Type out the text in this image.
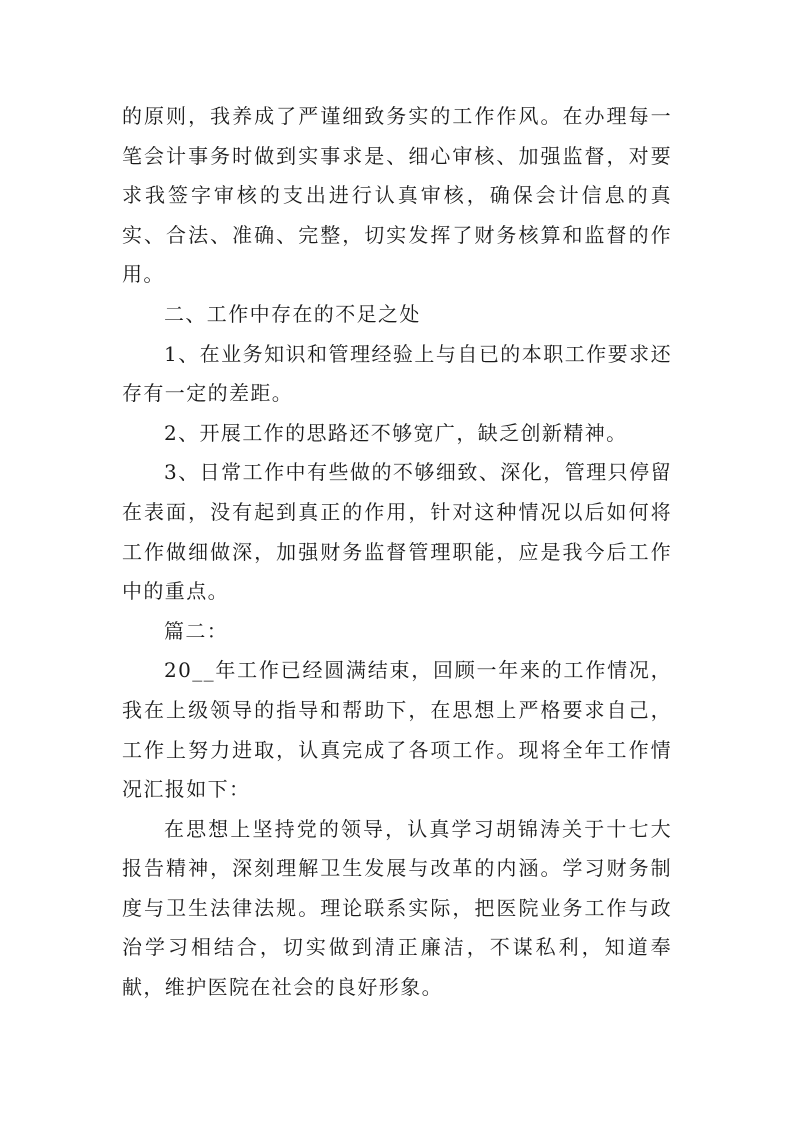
的原则，我养成了严谨细致务实的工作作风。在办理每一笔会计事务时做到实事求是、细心审核、加强监督，对要求我签字审核的支出进行认真审核，确保会计信息的真实、合法、准确、完整，切实发挥了财务核算和监督的作用。

二、工作中存在的不足之处

1、在业务知识和管理经验上与自已的本职工作要求还存有一定的差距。

2、开展工作的思路还不够宽广，缺乏创新精神。

3、日常工作中有些做的不够细致、深化，管理只停留在表面，没有起到真正的作用，针对这种情况以后如何将工作做细做深，加强财务监督管理职能，应是我今后工作中的重点。

篇二：

20__年工作已经圆满结束，回顾一年来的工作情况，我在上级领导的指导和帮助下，在思想上严格要求自己，工作上努力进取，认真完成了各项工作。现将全年工作情况汇报如下：

在思想上坚持党的领导，认真学习胡锦涛关于十七大报告精神，深刻理解卫生发展与改革的内涵。学习财务制度与卫生法律法规。理论联系实际，把医院业务工作与政治学习相结合，切实做到清正廉洁，不谋私利，知道奉献，维护医院在社会的良好形象。
